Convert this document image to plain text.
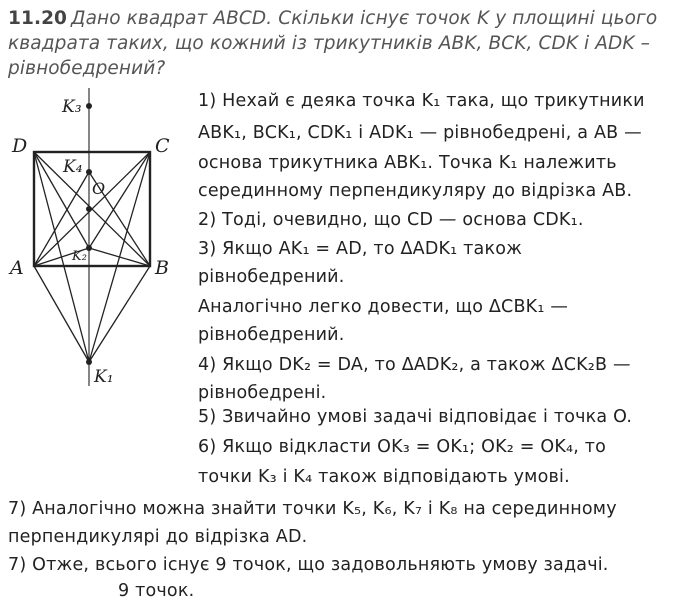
11.20 Дано квадрат ABCD. Скільки існує точок K у площині цього
квадрата таких, що кожний із трикутників ABK, BCK, CDK і ADK –
рівнобедрений?
K₃
D	C
K₄
O
K₂
A	B
K₁
1) Нехай є деяка точка K₁ така, що трикутники
ABK₁, BCK₁, CDK₁ і ADK₁ — рівнобедрені, а AB —
основа трикутника ABK₁. Точка K₁ належить
серединному перпендикуляру до відрізка AB.
2) Тоді, очевидно, що CD — основа CDK₁.
3) Якщо AK₁ = AD, то ΔADK₁ також
рівнобедрений.
Аналогічно легко довести, що ΔCBK₁ —
рівнобедрений.
4) Якщо DK₂ = DA, то ΔADK₂, а також ΔCK₂B —
рівнобедрені.
5) Звичайно умові задачі відповідає і точка O.
6) Якщо відкласти OK₃ = OK₁; OK₂ = OK₄, то
точки K₃ і K₄ також відповідають умові.
7) Аналогічно можна знайти точки K₅, K₆, K₇ і K₈ на серединному
перпендикулярі до відрізка AD.
7) Отже, всього існує 9 точок, що задовольняють умову задачі.
9 точок.
